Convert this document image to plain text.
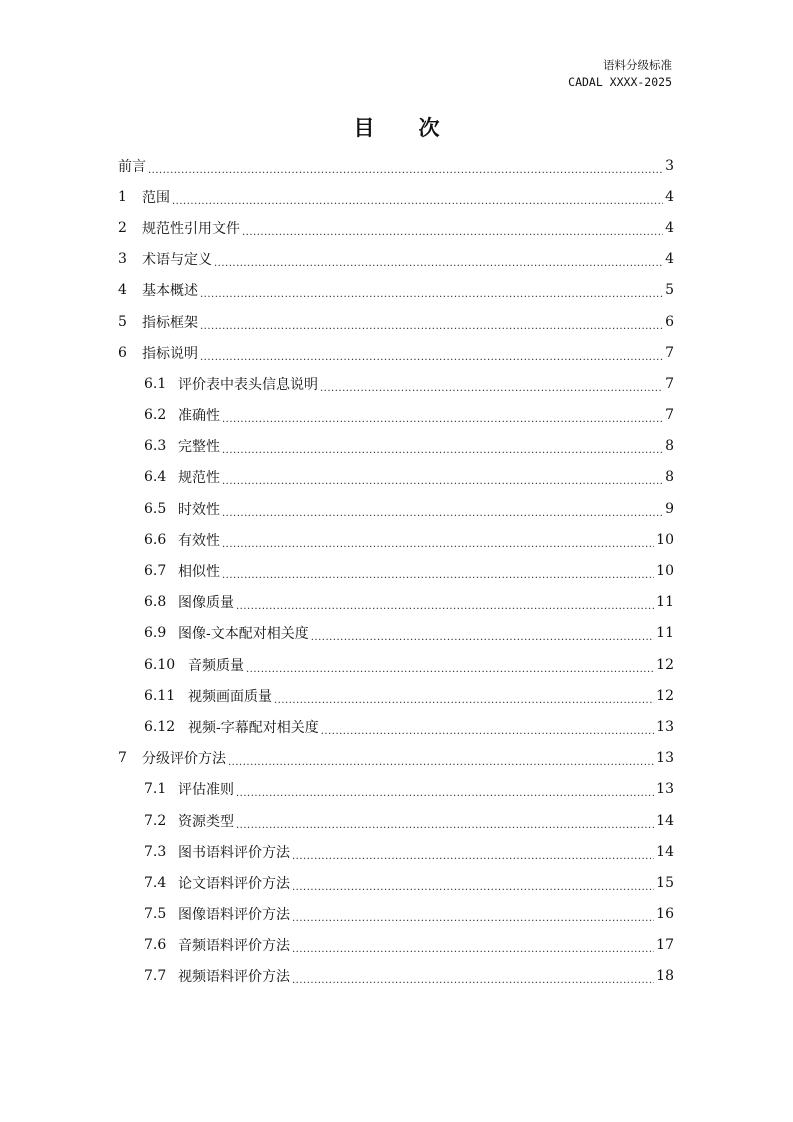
语料分级标准
CADAL XXXX-2025
目 次
前言 .....	3
1	范围 .....	4
2	规范性引用文件 .....	4
3	术语与定义 .....	4
4	基本概述 .....	5
5	指标框架 .....	6
6	指标说明 .....	7
6.1 评价表中表头信息说明 .....	7
6.2 准确性 .....	7
6.3 完整性 .....	8
6.4 规范性 .....	8
6.5 时效性 .....	9
6.6 有效性 .....	10
6.7 相似性 .....	10
6.8 图像质量 .....	11
6.9 图像-文本配对相关度 .....	11
6.10 音频质量 .....	12
6.11 视频画面质量 .....	12
6.12 视频-字幕配对相关度 .....	13
7	分级评价方法 .....	13
7.1 评估准则 .....	13
7.2 资源类型 .....	14
7.3 图书语料评价方法 .....	14
7.4 论文语料评价方法 .....	15
7.5 图像语料评价方法 .....	16
7.6 音频语料评价方法 .....	17
7.7 视频语料评价方法 .....	18
